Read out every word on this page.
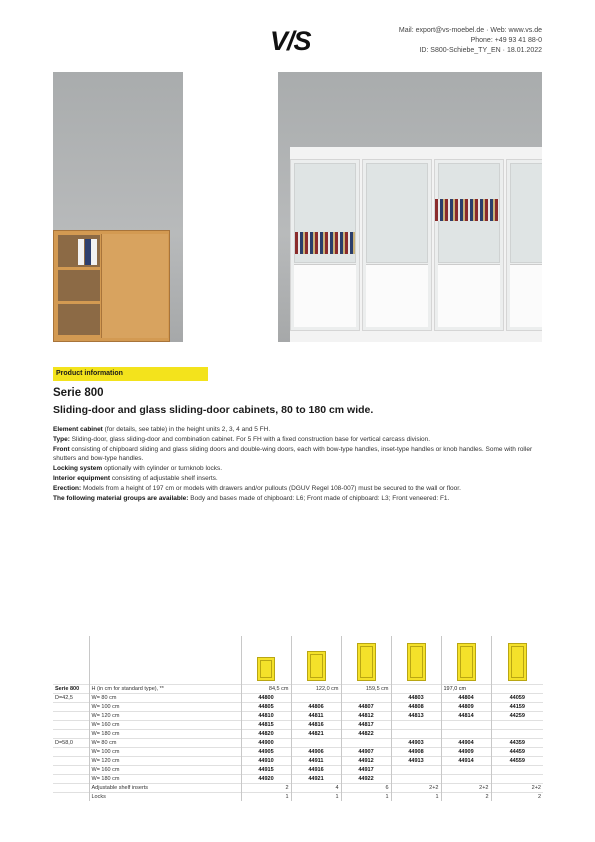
V/S	Mail: export@vs-moebel.de · Web: www.vs.de
Phone: +49 93 41 88-0
ID: S800-Schiebe_TY_EN · 18.01.2022
Product information
Serie 800
Sliding-door and glass sliding-door cabinets, 80 to 180 cm wide.

Element cabinet (for details, see table) in the height units 2, 3, 4 and 5 FH.

Type: Sliding-door, glass sliding-door and combination cabinet. For 5 FH with a fixed construction base for vertical carcass division.

Front consisting of chipboard sliding and glass sliding doors and double-wing doors, each with bow-type handles, inset-type handles or knob handles. Some with roller shutters and bow-type handles.

Locking system optionally with cylinder or turnknob locks.

Interior equipment consisting of adjustable shelf inserts.

Erection: Models from a height of 197 cm or models with drawers and/or pullouts (DGUV Regel 108-007) must be secured to the wall or floor.

The following material groups are available: Body and bases made of chipboard: L6; Front made of chipboard: L3; Front veneered: F1.

Serie 800	H (in cm for standard type), **	84,5 cm	122,0 cm	159,5 cm		197,0 cm	
D=42,5	W= 80 cm	44800			44803	44804	44059
	W= 100 cm	44805	44806	44807	44808	44809	44159
	W= 120 cm	44810	44811	44812	44813	44814	44259
	W= 160 cm	44815	44816	44817			
	W= 180 cm	44820	44821	44822			
D=58,0	W= 80 cm	44900			44903	44904	44359
	W= 100 cm	44905	44906	44907	44908	44909	44459
	W= 120 cm	44910	44911	44912	44913	44914	44559
	W= 160 cm	44915	44916	44917			
	W= 180 cm	44920	44921	44922			
	Adjustable shelf inserts	2	4	6	2+2	2+2	2+2
	Locks	1	1	1	1	2	2
